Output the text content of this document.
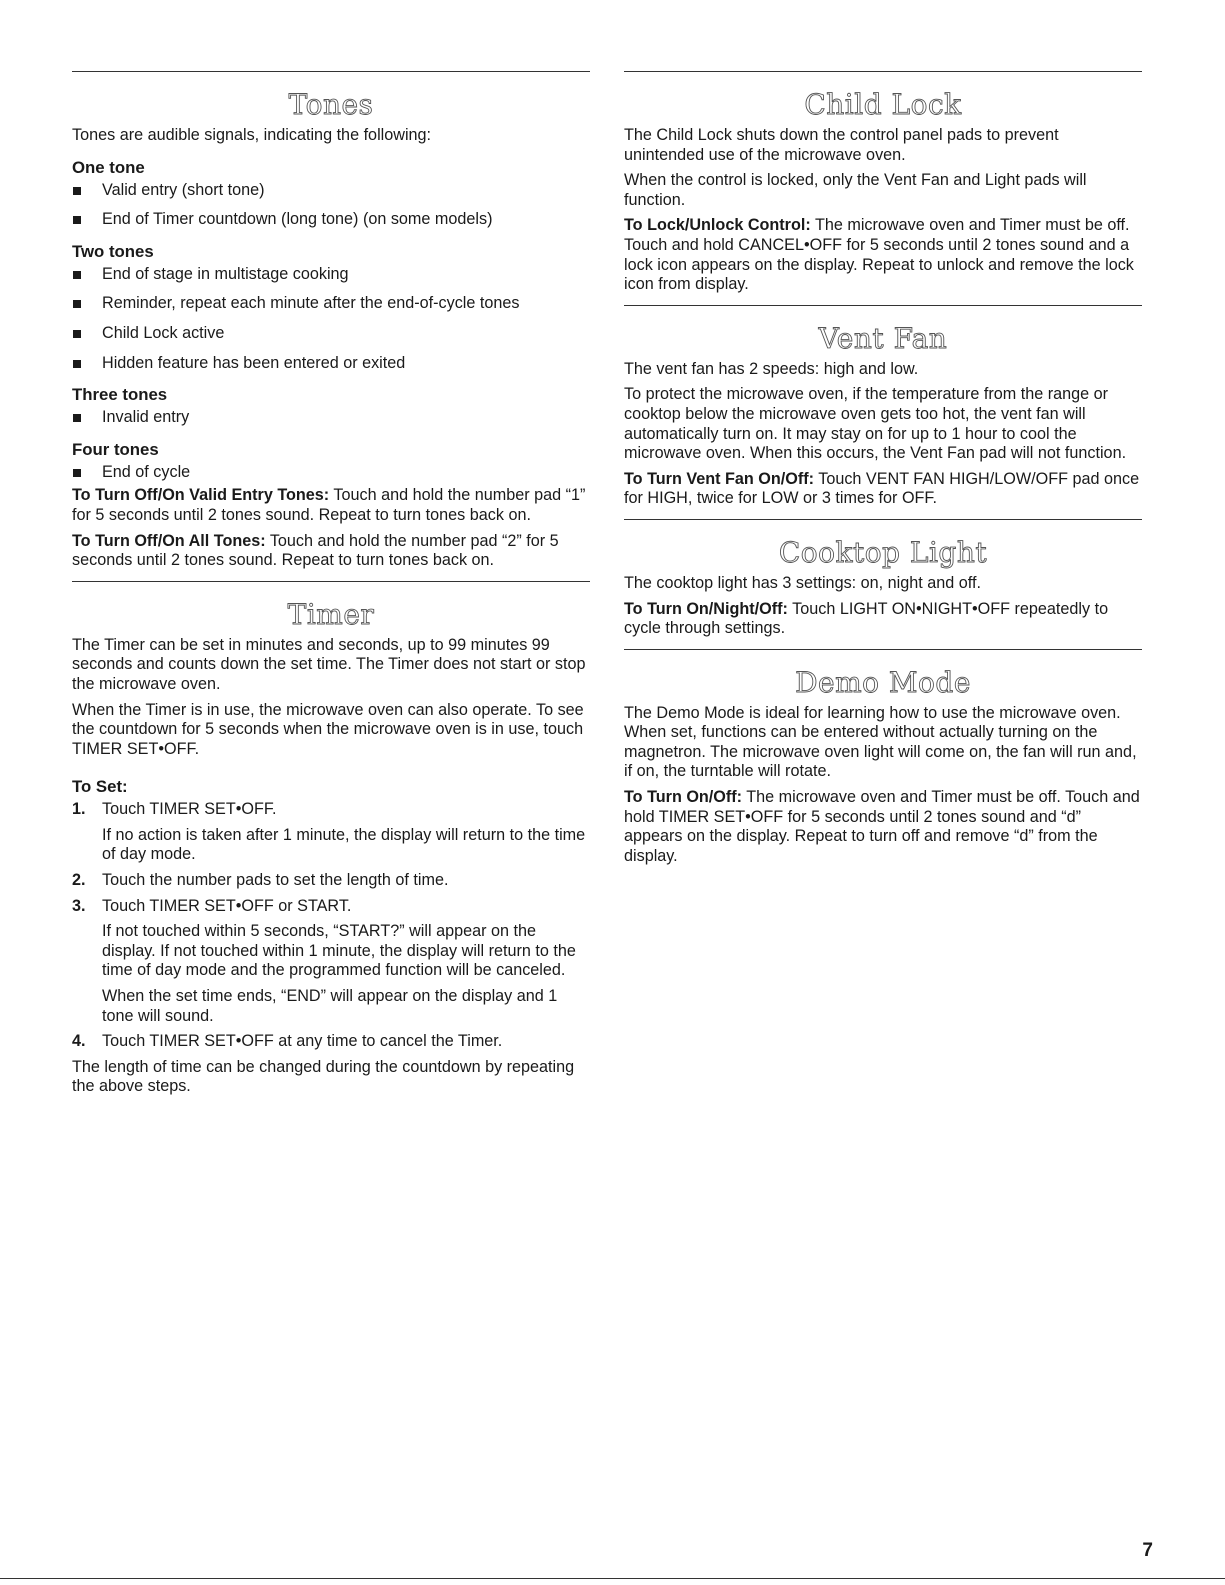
Tones

Tones are audible signals, indicating the following:

One tone
Valid entry (short tone)
End of Timer countdown (long tone) (on some models)
Two tones
End of stage in multistage cooking
Reminder, repeat each minute after the end-of-cycle tones
Child Lock active
Hidden feature has been entered or exited
Three tones
Invalid entry
Four tones
End of cycle

To Turn Off/On Valid Entry Tones: Touch and hold the number pad “1” for 5 seconds until 2 tones sound. Repeat to turn tones back on.

To Turn Off/On All Tones: Touch and hold the number pad “2” for 5 seconds until 2 tones sound. Repeat to turn tones back on.

Timer

The Timer can be set in minutes and seconds, up to 99 minutes 99 seconds and counts down the set time. The Timer does not start or stop the microwave oven.

When the Timer is in use, the microwave oven can also operate. To see the countdown for 5 seconds when the microwave oven is in use, touch TIMER SET•OFF.

To Set:
1. Touch TIMER SET•OFF.
If no action is taken after 1 minute, the display will return to the time of day mode.
2. Touch the number pads to set the length of time.
3. Touch TIMER SET•OFF or START.
If not touched within 5 seconds, “START?” will appear on the display. If not touched within 1 minute, the display will return to the time of day mode and the programmed function will be canceled.
When the set time ends, “END” will appear on the display and 1 tone will sound.
4. Touch TIMER SET•OFF at any time to cancel the Timer.

The length of time can be changed during the countdown by repeating the above steps.

Child Lock

The Child Lock shuts down the control panel pads to prevent unintended use of the microwave oven.

When the control is locked, only the Vent Fan and Light pads will function.

To Lock/Unlock Control: The microwave oven and Timer must be off. Touch and hold CANCEL•OFF for 5 seconds until 2 tones sound and a lock icon appears on the display. Repeat to unlock and remove the lock icon from display.

Vent Fan

The vent fan has 2 speeds: high and low.

To protect the microwave oven, if the temperature from the range or cooktop below the microwave oven gets too hot, the vent fan will automatically turn on. It may stay on for up to 1 hour to cool the microwave oven. When this occurs, the Vent Fan pad will not function.

To Turn Vent Fan On/Off: Touch VENT FAN HIGH/LOW/OFF pad once for HIGH, twice for LOW or 3 times for OFF.

Cooktop Light

The cooktop light has 3 settings: on, night and off.

To Turn On/Night/Off: Touch LIGHT ON•NIGHT•OFF repeatedly to cycle through settings.

Demo Mode

The Demo Mode is ideal for learning how to use the microwave oven. When set, functions can be entered without actually turning on the magnetron. The microwave oven light will come on, the fan will run and, if on, the turntable will rotate.

To Turn On/Off: The microwave oven and Timer must be off. Touch and hold TIMER SET•OFF for 5 seconds until 2 tones sound and “d” appears on the display. Repeat to turn off and remove “d” from the display.

7
